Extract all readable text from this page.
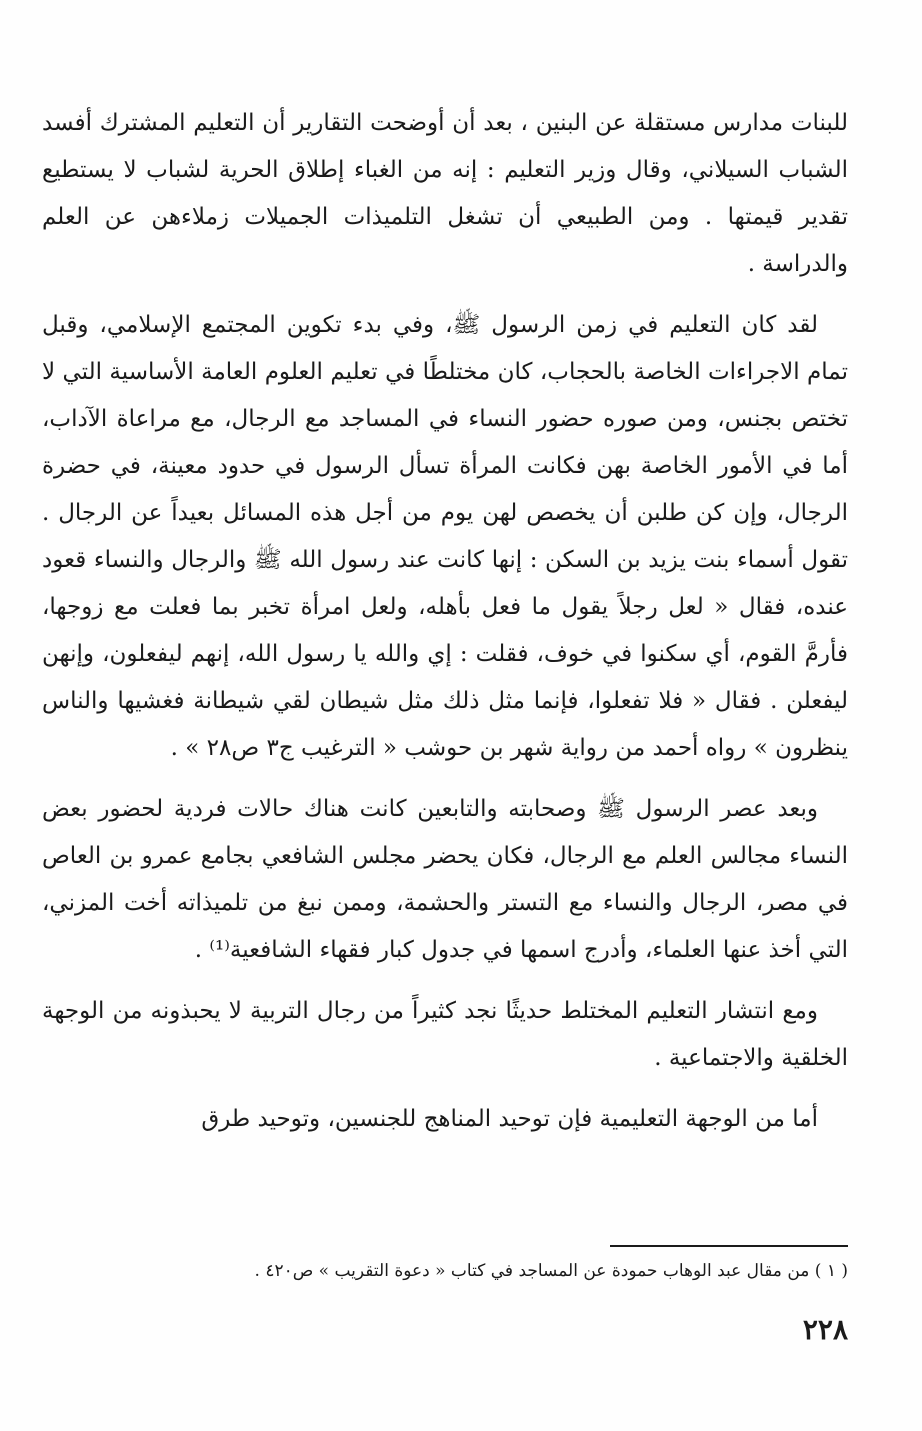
للبنات مدارس مستقلة عن البنين ، بعد أن أوضحت التقارير أن التعليم المشترك أفسد الشباب السيلاني، وقال وزير التعليم : إنه من الغباء إطلاق الحرية لشباب لا يستطيع تقدير قيمتها . ومن الطبيعي أن تشغل التلميذات الجميلات زملاءهن عن العلم والدراسة .

لقد كان التعليم في زمن الرسول ﷺ، وفي بدء تكوين المجتمع الإسلامي، وقبل تمام الاجراءات الخاصة بالحجاب، كان مختلطًا في تعليم العلوم العامة الأساسية التي لا تختص بجنس، ومن صوره حضور النساء في المساجد مع الرجال، مع مراعاة الآداب، أما في الأمور الخاصة بهن فكانت المرأة تسأل الرسول في حدود معينة، في حضرة الرجال، وإن كن طلبن أن يخصص لهن يوم من أجل هذه المسائل بعيداً عن الرجال . تقول أسماء بنت يزيد بن السكن : إنها كانت عند رسول الله ﷺ والرجال والنساء قعود عنده، فقال « لعل رجلاً يقول ما فعل بأهله، ولعل امرأة تخبر بما فعلت مع زوجها، فأرمَّ القوم، أي سكنوا في خوف، فقلت : إي والله يا رسول الله، إنهم ليفعلون، وإنهن ليفعلن . فقال « فلا تفعلوا، فإنما مثل ذلك مثل شيطان لقي شيطانة فغشيها والناس ينظرون » رواه أحمد من رواية شهر بن حوشب « الترغيب ج٣ ص٢٨ » .

وبعد عصر الرسول ﷺ وصحابته والتابعين كانت هناك حالات فردية لحضور بعض النساء مجالس العلم مع الرجال، فكان يحضر مجلس الشافعي بجامع عمرو بن العاص في مصر، الرجال والنساء مع التستر والحشمة، وممن نبغ من تلميذاته أخت المزني، التي أخذ عنها العلماء، وأدرج اسمها في جدول كبار فقهاء الشافعية⁽¹⁾ .

ومع انتشار التعليم المختلط حديثًا نجد كثيراً من رجال التربية لا يحبذونه من الوجهة الخلقية والاجتماعية .

أما من الوجهة التعليمية فإن توحيد المناهج للجنسين، وتوحيد طرق

( ١ ) من مقال عبد الوهاب حمودة عن المساجد في كتاب « دعوة التقريب » ص٤٢٠ .
٢٢٨
